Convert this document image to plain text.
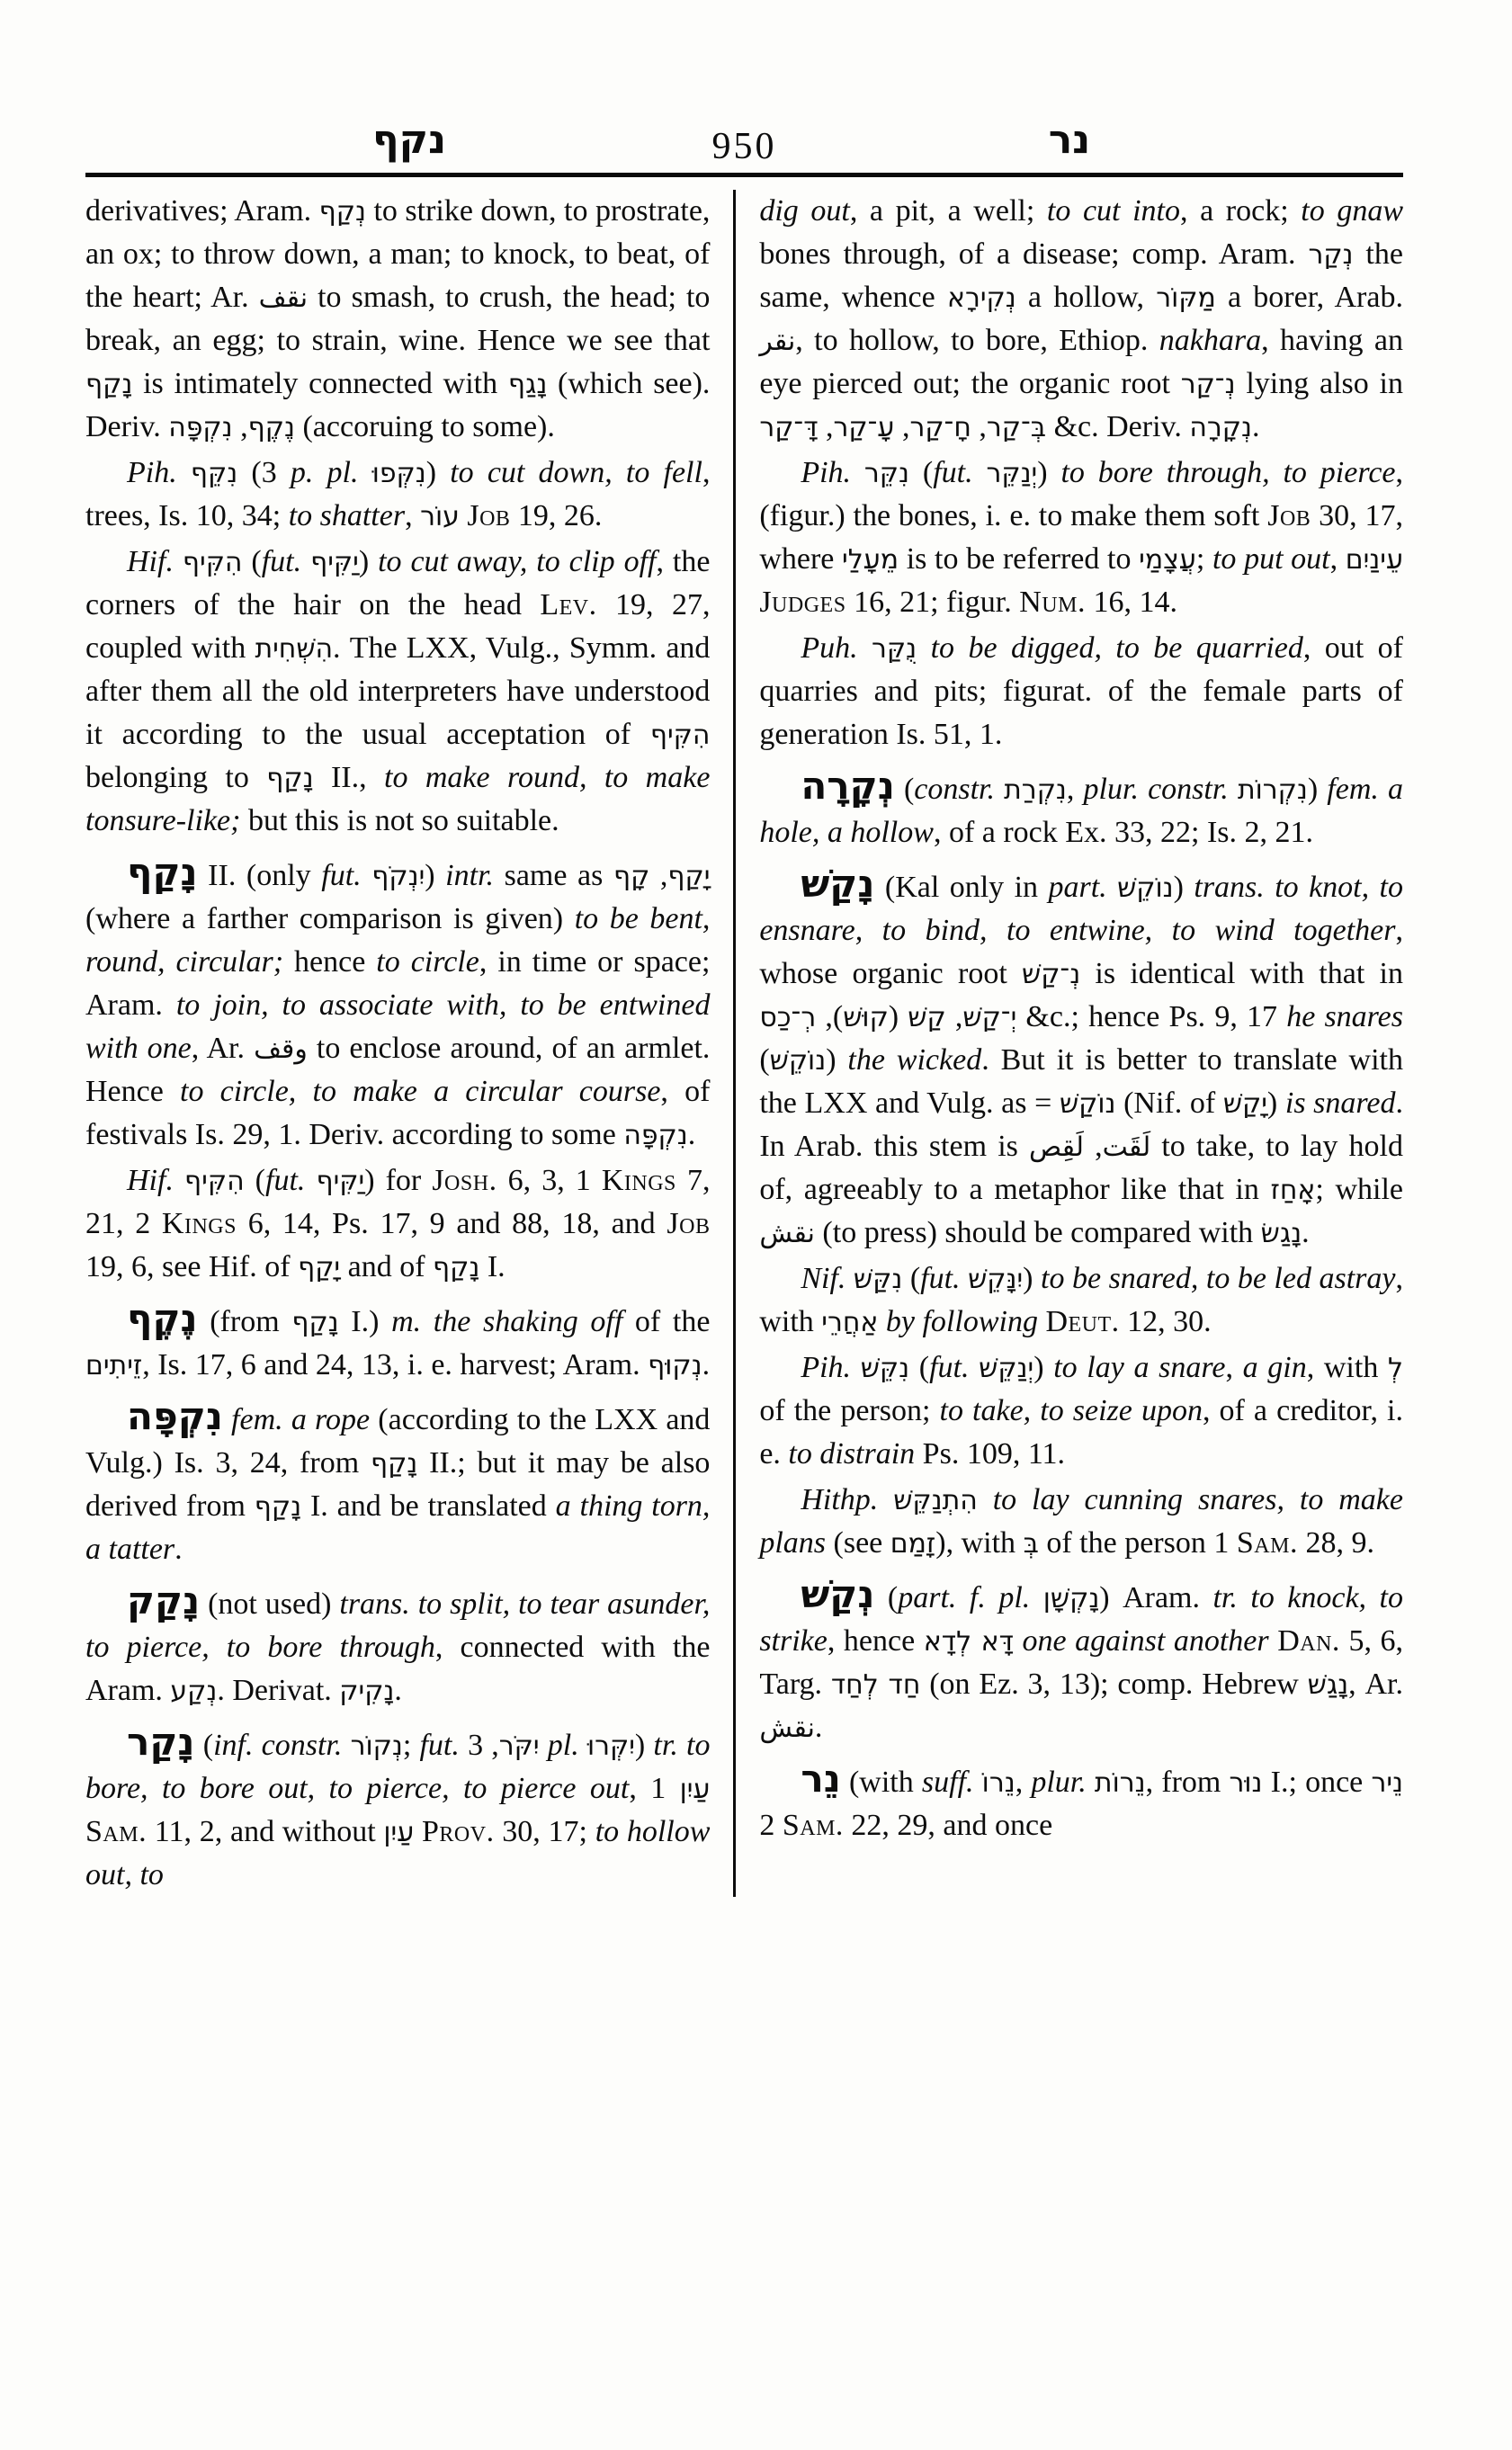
נקף	950	נר

derivatives; Aram. נְקַף to strike down, to prostrate, an ox; to throw down, a man; to knock, to beat, of the heart; Ar. نقف to smash, to crush, the head; to break, an egg; to strain, wine. Hence we see that נָקַף is intimately connected with נָגַף (which see). Deriv.	נֶקֶף, נִקְפָּה (accoruing to some).

Pih. נִקֵּף (3 p. pl. נִקְּפוּ) to cut down, to fell, trees, Is. 10, 34; to shatter, עוֹר Job 19, 26.

Hif. הִקִּיף (fut. יַקִּיף) to cut away, to clip off, the corners of the hair on the head Lev. 19, 27, coupled with הִשְׁחִית. The LXX, Vulg., Symm. and after them all the old interpreters have understood it according to the usual acceptation of הִקִּיף belonging to נָקַף II., to make round, to make tonsure-like; but this is not so suitable.

נָקַף II. (only fut. יִנְקֹף) intr. same as יָקַף, קָף (where a farther comparison is given) to be bent, round, circular; hence to circle, in time or space; Aram. to join, to associate with, to be entwined with one, Ar. وقف to enclose around, of an armlet. Hence to circle, to make a circular course, of festivals Is. 29, 1. Deriv. according to some נִקְפָּה.

Hif. הִקִּיף (fut. יַקִּיף) for Josh. 6, 3, 1 Kings 7, 21, 2 Kings 6, 14, Ps. 17, 9 and 88, 18, and Job 19, 6, see Hif. of יָקַף and of נָקַף I.

נֶקֶף (from נָקַף I.) m. the shaking off of the זֵיתִים, Is. 17, 6 and 24, 13, i. e. harvest; Aram. נְקוּף.

נִקְפָּה fem. a rope (according to the LXX and Vulg.) Is. 3, 24, from נָקַף II.; but it may be also derived from נָקַף I. and be translated a thing torn, a tatter.

נָקַק (not used) trans. to split, to tear asunder, to pierce, to bore through, connected with the Aram. נְקַע. Derivat. נָקִיק.

נָקַר (inf. constr. נְקוֹר; fut. יִקֹּר, 3 pl. יִקְּרוּ) tr. to bore, to bore out, to pierce, to pierce out, עַיִן 1 Sam. 11, 2, and without עַיִן Prov. 30, 17; to hollow out, to

dig out, a pit, a well; to cut into, a rock; to gnaw bones through, of a disease; comp. Aram. נְקַר the same, whence נְקִירָא a hollow, מַקּוֹר a borer, Arab. نقر, to hollow, to bore, Ethiop. nakhara, having an eye pierced out; the organic root נְ־קַר lying also in בְּ־קַר, חָ־קַר, עָ־קַר, דָּ־קַר	&c. Deriv. נְקָרָה.

Pih. נִקֵּר (fut. יְנַקֵּר) to bore through, to pierce, (figur.) the bones, i. e. to make them soft Job 30, 17, where מֵעָלַי is to be referred to עֲצָמַי; to put out, עֵינַיִם Judges 16, 21; figur. Num. 16, 14.

Puh. נֻקַּר to be digged, to be quarried, out of quarries and pits; figurat. of the female parts of generation Is. 51, 1.

נְקָרָה (constr. נִקְרַת, plur. constr. נִקְרוֹת) fem. a hole, a hollow, of a rock Ex. 33, 22; Is. 2, 21.

נָקַשׁ (Kal only in part. נוֹקֵשׁ) trans. to knot, to ensnare, to bind, to entwine, to wind together, whose organic root נְ־קַשׁ is identical with that in יְ־קַשׁ, קַשׁ (קוּשׁ), רְ־כַס	&c.; hence Ps. 9, 17 he snares (נוֹקֵשׁ) the wicked. But it is better to translate with the LXX and Vulg. as = נוֹקַשׁ (Nif. of יָקַשׁ) is snared. In Arab. this stem is	لَقَت, لَقِص to take, to lay hold of, agreeably to a metaphor like that in אָחַז; while نقش (to press) should be compared with נָגַשׂ.

Nif. נִקַּשׁ (fut. יִנָּקֵשׁ) to be snared, to be led astray, with אַחֲרֵי by following Deut. 12, 30.

Pih. נִקֵּשׁ (fut. יְנַקֵּשׁ) to lay a snare, a gin, with לְ of the person; to take, to seize upon, of a creditor, i. e. to distrain Ps. 109, 11.

Hithp. הִתְנַקֵּשׁ to lay cunning snares, to make plans (see זָמַם), with בְּ of the person 1 Sam. 28, 9.

נְקַשׁ (part. f. pl. נָקְשָׁן) Aram. tr. to knock, to strike, hence דָּא לְדָא one against another Dan. 5, 6, Targ. חַד לְחַד (on Ez. 3, 13); comp. Hebrew נָגַשׁ, Ar. نقش.

נֵר (with suff. נֵרוֹ, plur. נֵרוֹת, from נוּר I.; once נֵיר 2 Sam. 22, 29, and once
